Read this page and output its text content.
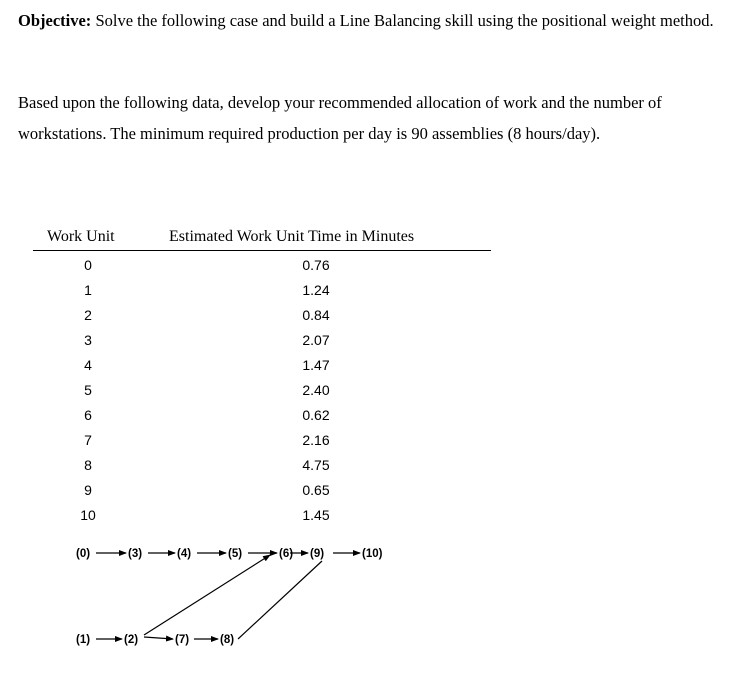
Objective: Solve the following case and build a Line Balancing skill using the positional weight method.

Based upon the following data, develop your recommended allocation of work and the number of workstations. The minimum required production per day is 90 assemblies (8 hours/day).

Work Unit	Estimated Work Unit Time in Minutes
0	0.76
1	1.24
2	0.84
3	2.07
4	1.47
5	2.40
6	0.62
7	2.16
8	4.75
9	0.65
10	1.45
(0)	(3)	(4)	(5)	(6) (9)	(10)
(1)	(2)	(7)	(8)
